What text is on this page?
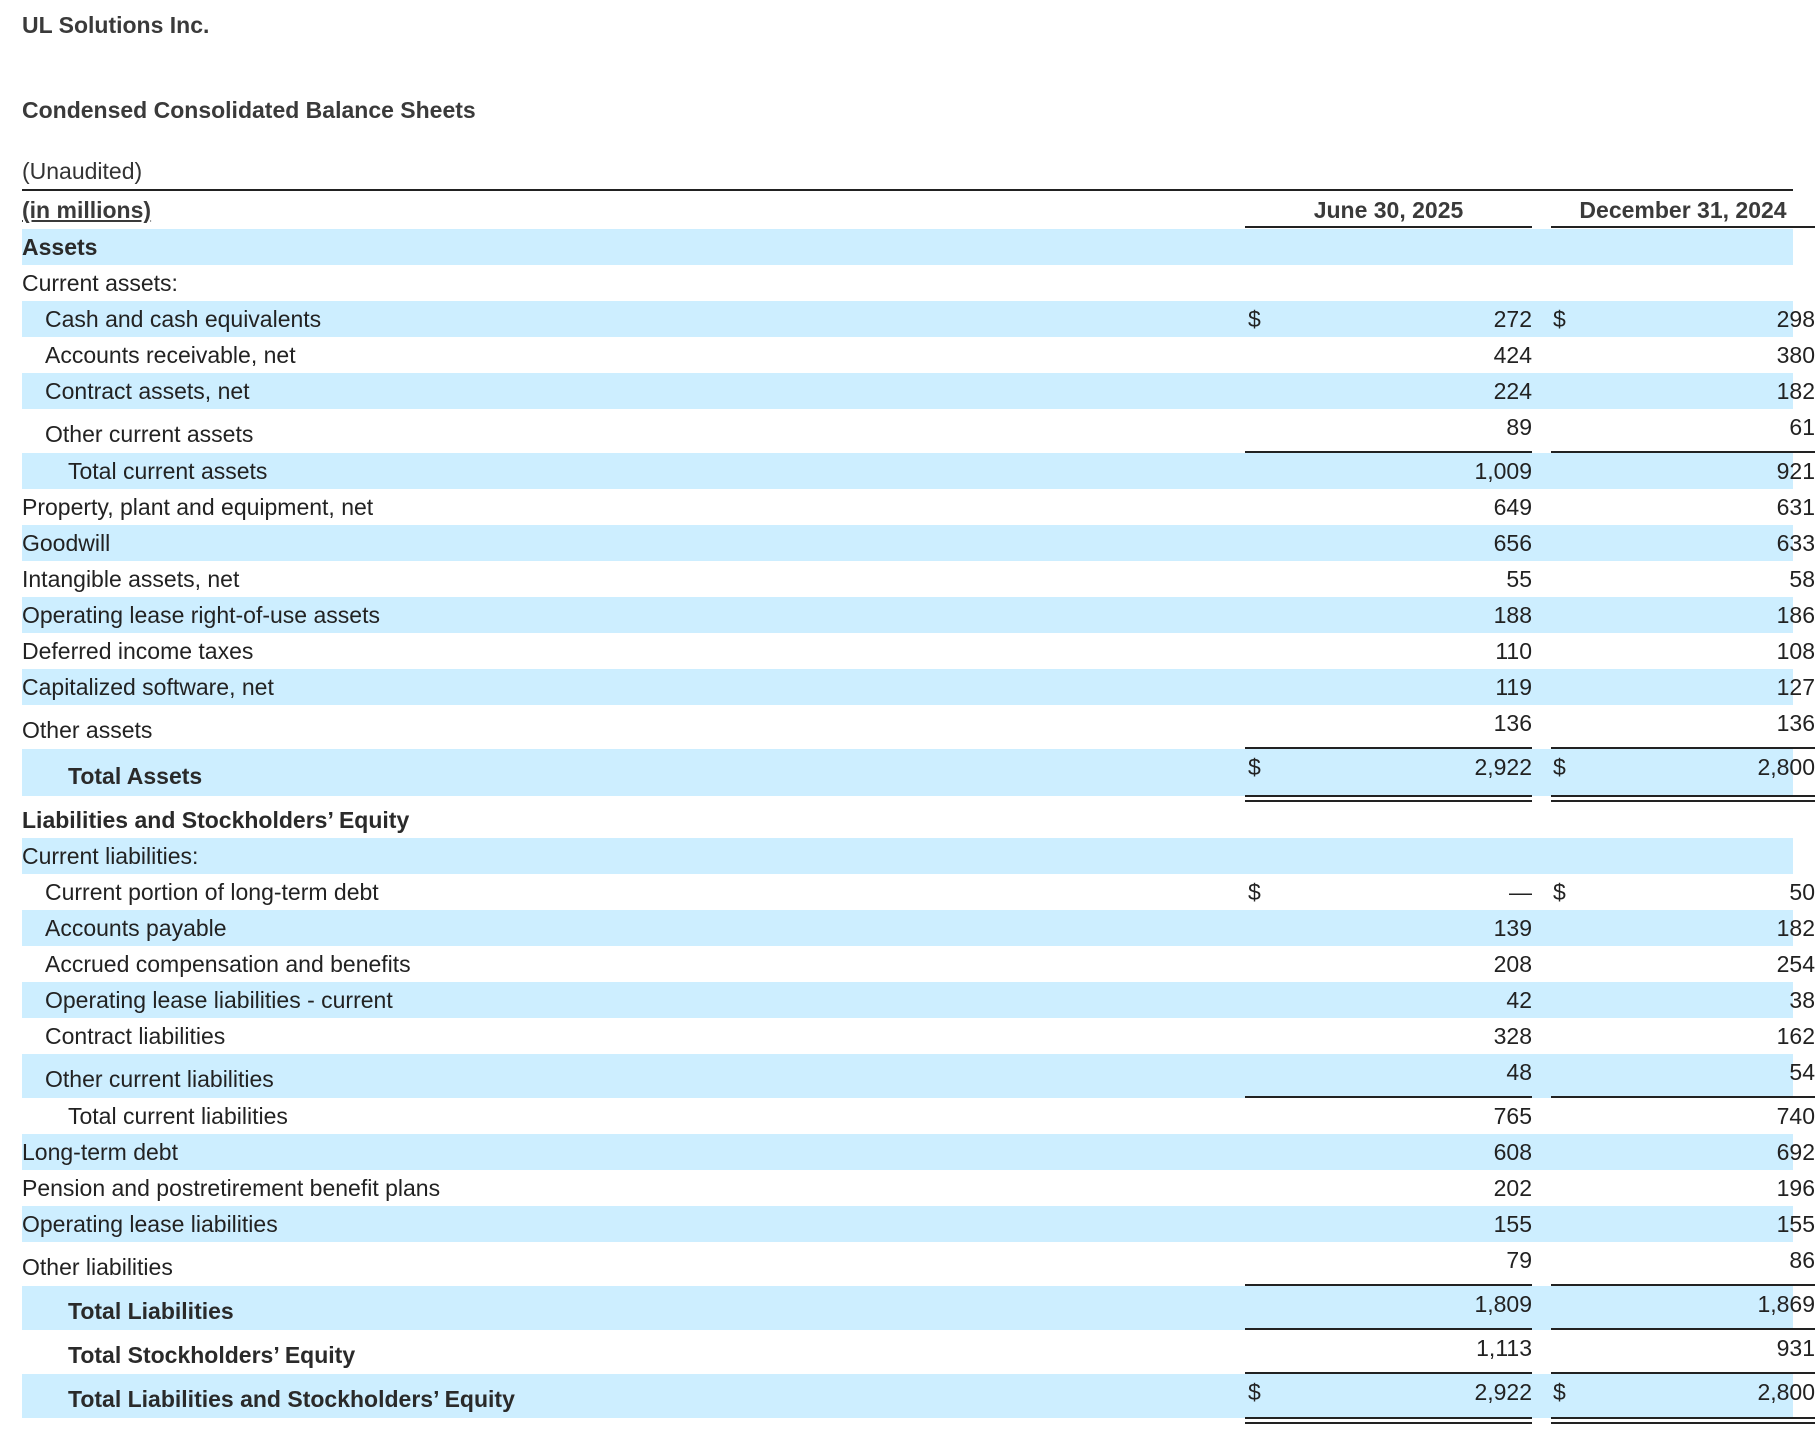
UL Solutions Inc.
Condensed Consolidated Balance Sheets
(Unaudited)
(in millions)	June 30, 2025	December 31, 2024
Assets
Current assets:
Cash and cash equivalents	$	272 $	298
Accounts receivable, net	424	380
Contract assets, net	224	182
Other current assets	89	61
Total current assets	1,009	921
Property, plant and equipment, net	649	631
Goodwill	656	633
Intangible assets, net	55	58
Operating lease right-of-use assets	188	186
Deferred income taxes	110	108
Capitalized software, net	119	127
Other assets	136	136
Total Assets	$	2,922 $	2,800
Liabilities and Stockholders’ Equity
Current liabilities:
Current portion of long-term debt	$	— $	50
Accounts payable	139	182
Accrued compensation and benefits	208	254
Operating lease liabilities - current	42	38
Contract liabilities	328	162
Other current liabilities	48	54
Total current liabilities	765	740
Long-term debt	608	692
Pension and postretirement benefit plans	202	196
Operating lease liabilities	155	155
Other liabilities	79	86
Total Liabilities	1,809	1,869
Total Stockholders’ Equity	1,113	931
Total Liabilities and Stockholders’ Equity	$	2,922 $	2,800
